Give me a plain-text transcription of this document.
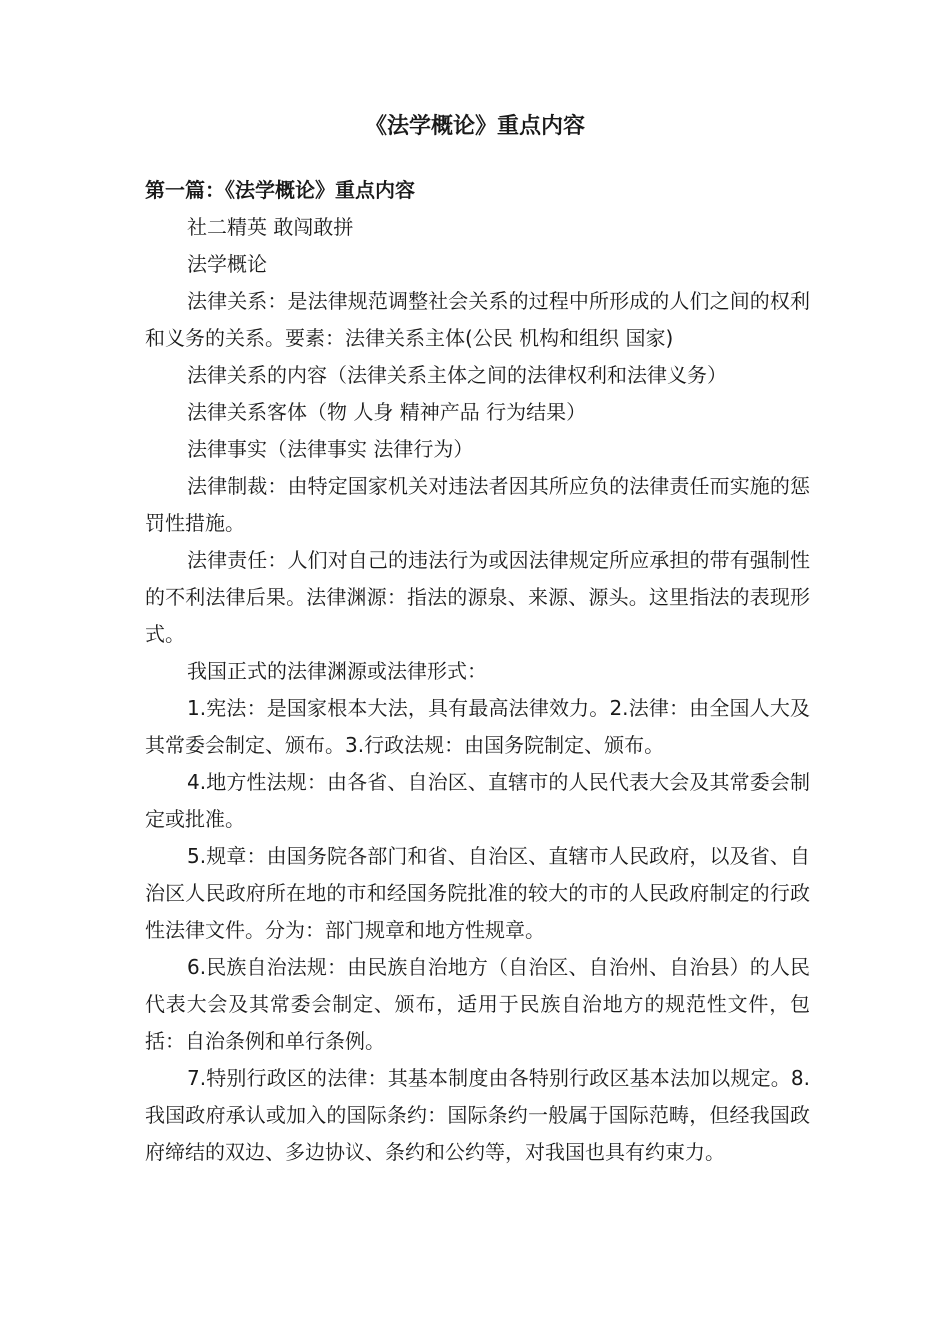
《法学概论》重点内容
第一篇：《法学概论》重点内容

社二精英 敢闯敢拼

法学概论

法律关系：是法律规范调整社会关系的过程中所形成的人们之间的权利和义务的关系。要素：法律关系主体(公民 机构和组织 国家)

法律关系的内容（法律关系主体之间的法律权利和法律义务）

法律关系客体（物 人身 精神产品 行为结果）

法律事实（法律事实 法律行为）

法律制裁：由特定国家机关对违法者因其所应负的法律责任而实施的惩罚性措施。

法律责任：人们对自己的违法行为或因法律规定所应承担的带有强制性的不利法律后果。法律渊源：指法的源泉、来源、源头。这里指法的表现形式。

我国正式的法律渊源或法律形式：

1.宪法：是国家根本大法，具有最高法律效力。2.法律：由全国人大及其常委会制定、颁布。3.行政法规：由国务院制定、颁布。

4.地方性法规：由各省、自治区、直辖市的人民代表大会及其常委会制定或批准。

5.规章：由国务院各部门和省、自治区、直辖市人民政府，以及省、自治区人民政府所在地的市和经国务院批准的较大的市的人民政府制定的行政性法律文件。分为：部门规章和地方性规章。

6.民族自治法规：由民族自治地方（自治区、自治州、自治县）的人民代表大会及其常委会制定、颁布，适用于民族自治地方的规范性文件，包括：自治条例和单行条例。

7.特别行政区的法律：其基本制度由各特别行政区基本法加以规定。8.我国政府承认或加入的国际条约：国际条约一般属于国际范畴，但经我国政府缔结的双边、多边协议、条约和公约等，对我国也具有约束力。
